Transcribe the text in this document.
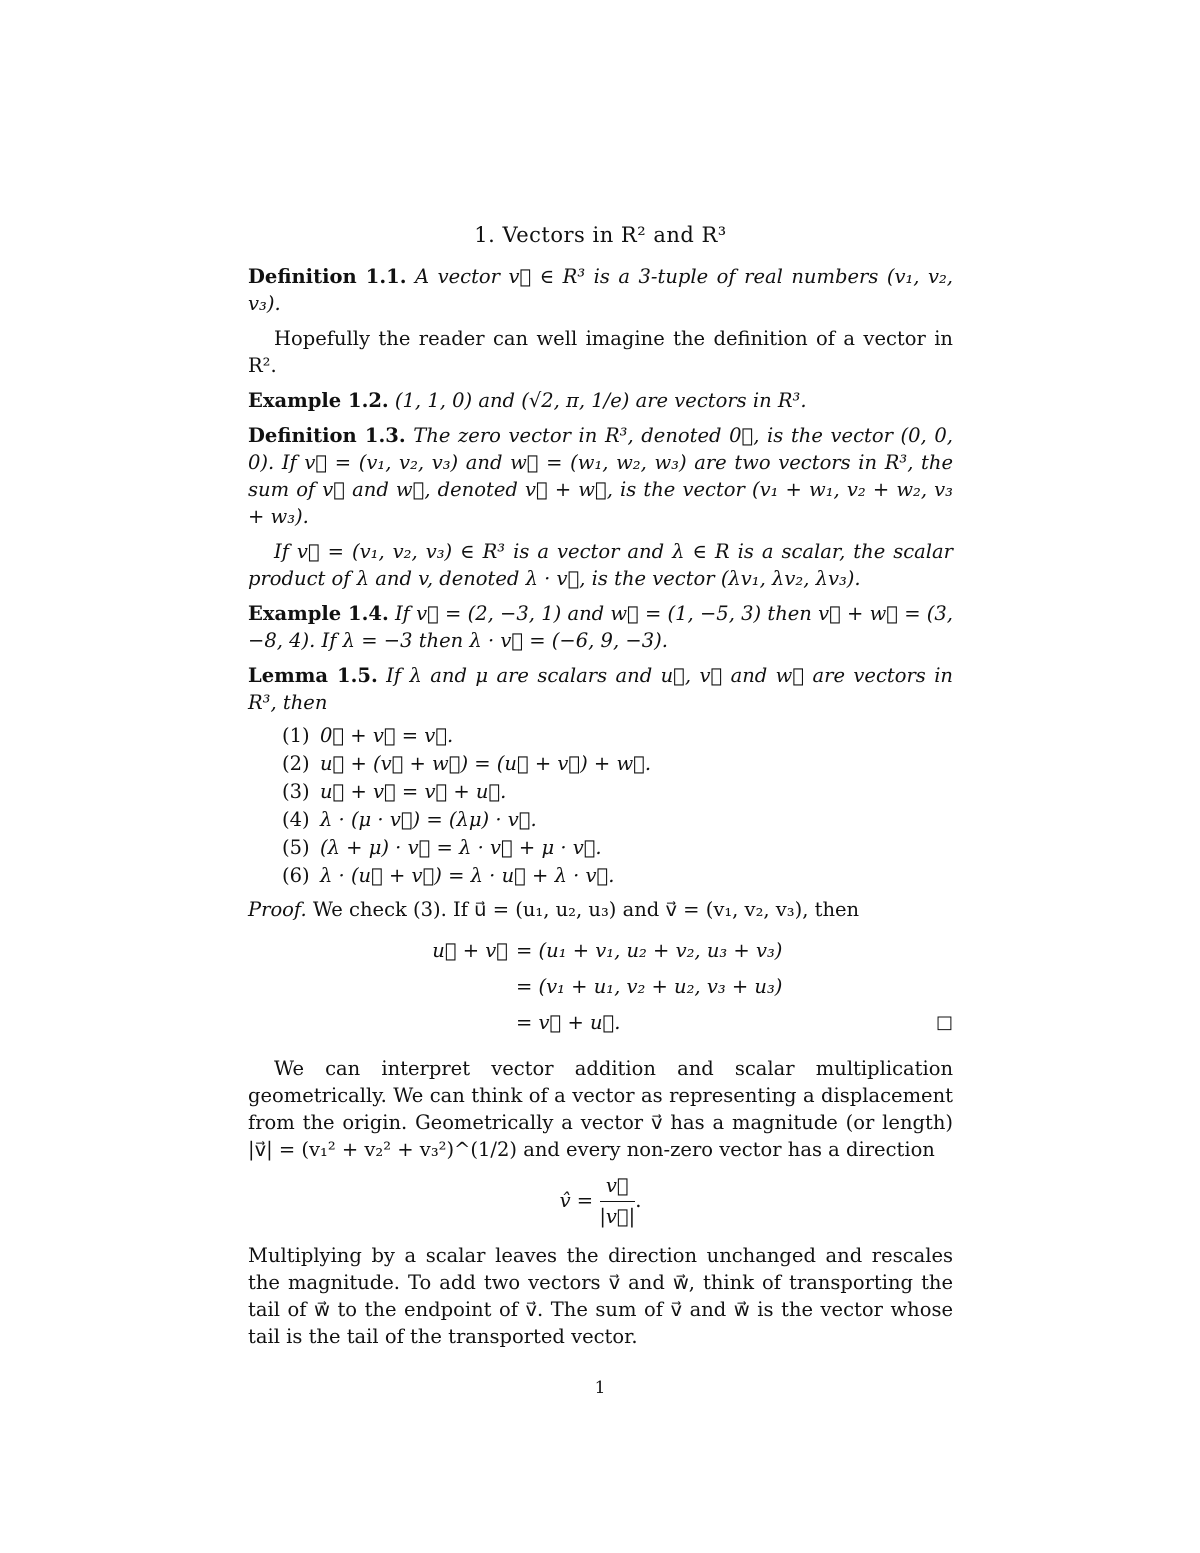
1. Vectors in R² and R³

Definition 1.1. A vector v⃗ ∈ R³ is a 3-tuple of real numbers (v₁, v₂, v₃).

Hopefully the reader can well imagine the definition of a vector in R².

Example 1.2. (1, 1, 0) and (√2, π, 1/e) are vectors in R³.

Definition 1.3. The zero vector in R³, denoted 0⃗, is the vector (0, 0, 0). If v⃗ = (v₁, v₂, v₃) and w⃗ = (w₁, w₂, w₃) are two vectors in R³, the sum of v⃗ and w⃗, denoted v⃗ + w⃗, is the vector (v₁ + w₁, v₂ + w₂, v₃ + w₃).

If v⃗ = (v₁, v₂, v₃) ∈ R³ is a vector and λ ∈ R is a scalar, the scalar product of λ and v, denoted λ · v⃗, is the vector (λv₁, λv₂, λv₃).

Example 1.4. If v⃗ = (2, −3, 1) and w⃗ = (1, −5, 3) then v⃗ + w⃗ = (3, −8, 4). If λ = −3 then λ · v⃗ = (−6, 9, −3).

Lemma 1.5. If λ and μ are scalars and u⃗, v⃗ and w⃗ are vectors in R³, then

(1) 0⃗ + v⃗ = v⃗.
(2) u⃗ + (v⃗ + w⃗) = (u⃗ + v⃗) + w⃗.
(3) u⃗ + v⃗ = v⃗ + u⃗.
(4) λ · (μ · v⃗) = (λμ) · v⃗.
(5) (λ + μ) · v⃗ = λ · v⃗ + μ · v⃗.
(6) λ · (u⃗ + v⃗) = λ · u⃗ + λ · v⃗.

Proof. We check (3). If u⃗ = (u₁, u₂, u₃) and v⃗ = (v₁, v₂, v₃), then

u⃗ + v⃗ = (u₁ + v₁, u₂ + v₂, u₃ + v₃)
= (v₁ + u₁, v₂ + u₂, v₃ + u₃)
= v⃗ + u⃗.	□

We can interpret vector addition and scalar multiplication geometrically. We can think of a vector as representing a displacement from the origin. Geometrically a vector v⃗ has a magnitude (or length) |v⃗| = (v₁² + v₂² + v₃²)^(1/2) and every non-zero vector has a direction

v̂ = $\frac{v⃗}{|v⃗|}$ .

Multiplying by a scalar leaves the direction unchanged and rescales the magnitude. To add two vectors v⃗ and w⃗, think of transporting the tail of w⃗ to the endpoint of v⃗. The sum of v⃗ and w⃗ is the vector whose tail is the tail of the transported vector.

1
